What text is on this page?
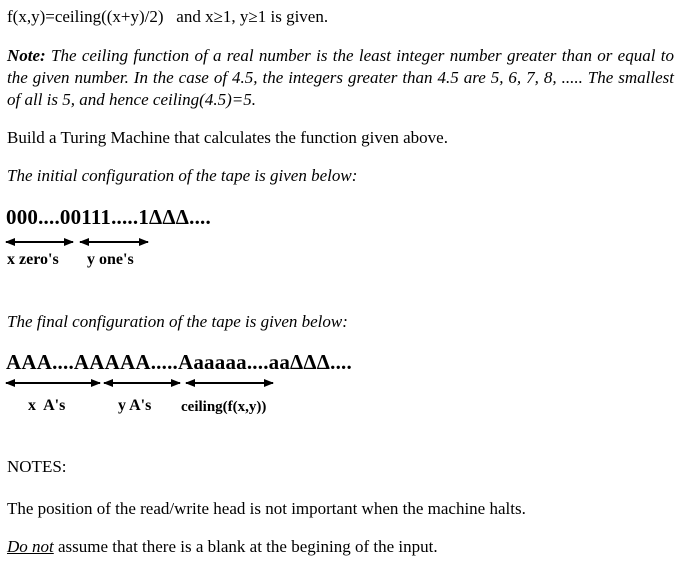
f(x,y)=ceiling((x+y)/2)   and x≥1, y≥1 is given.

Note: The ceiling function of a real number is the least integer number greater than or equal to the given number. In the case of 4.5, the integers greater than 4.5 are 5, 6, 7, 8, ..... The smallest of all is 5, and hence ceiling(4.5)=5.

Build a Turing Machine that calculates the function given above.
The initial configuration of the tape is given below:
000....00111.....1ΔΔΔ....
x zero's y one's
The final configuration of the tape is given below:
AAA....AAAAA.....Aaaaaa....aaΔΔΔ....
x  A's	y A's ceiling(f(x,y))
NOTES:
The position of the read/write head is not important when the machine halts.
Do not assume that there is a blank at the begining of the input.
